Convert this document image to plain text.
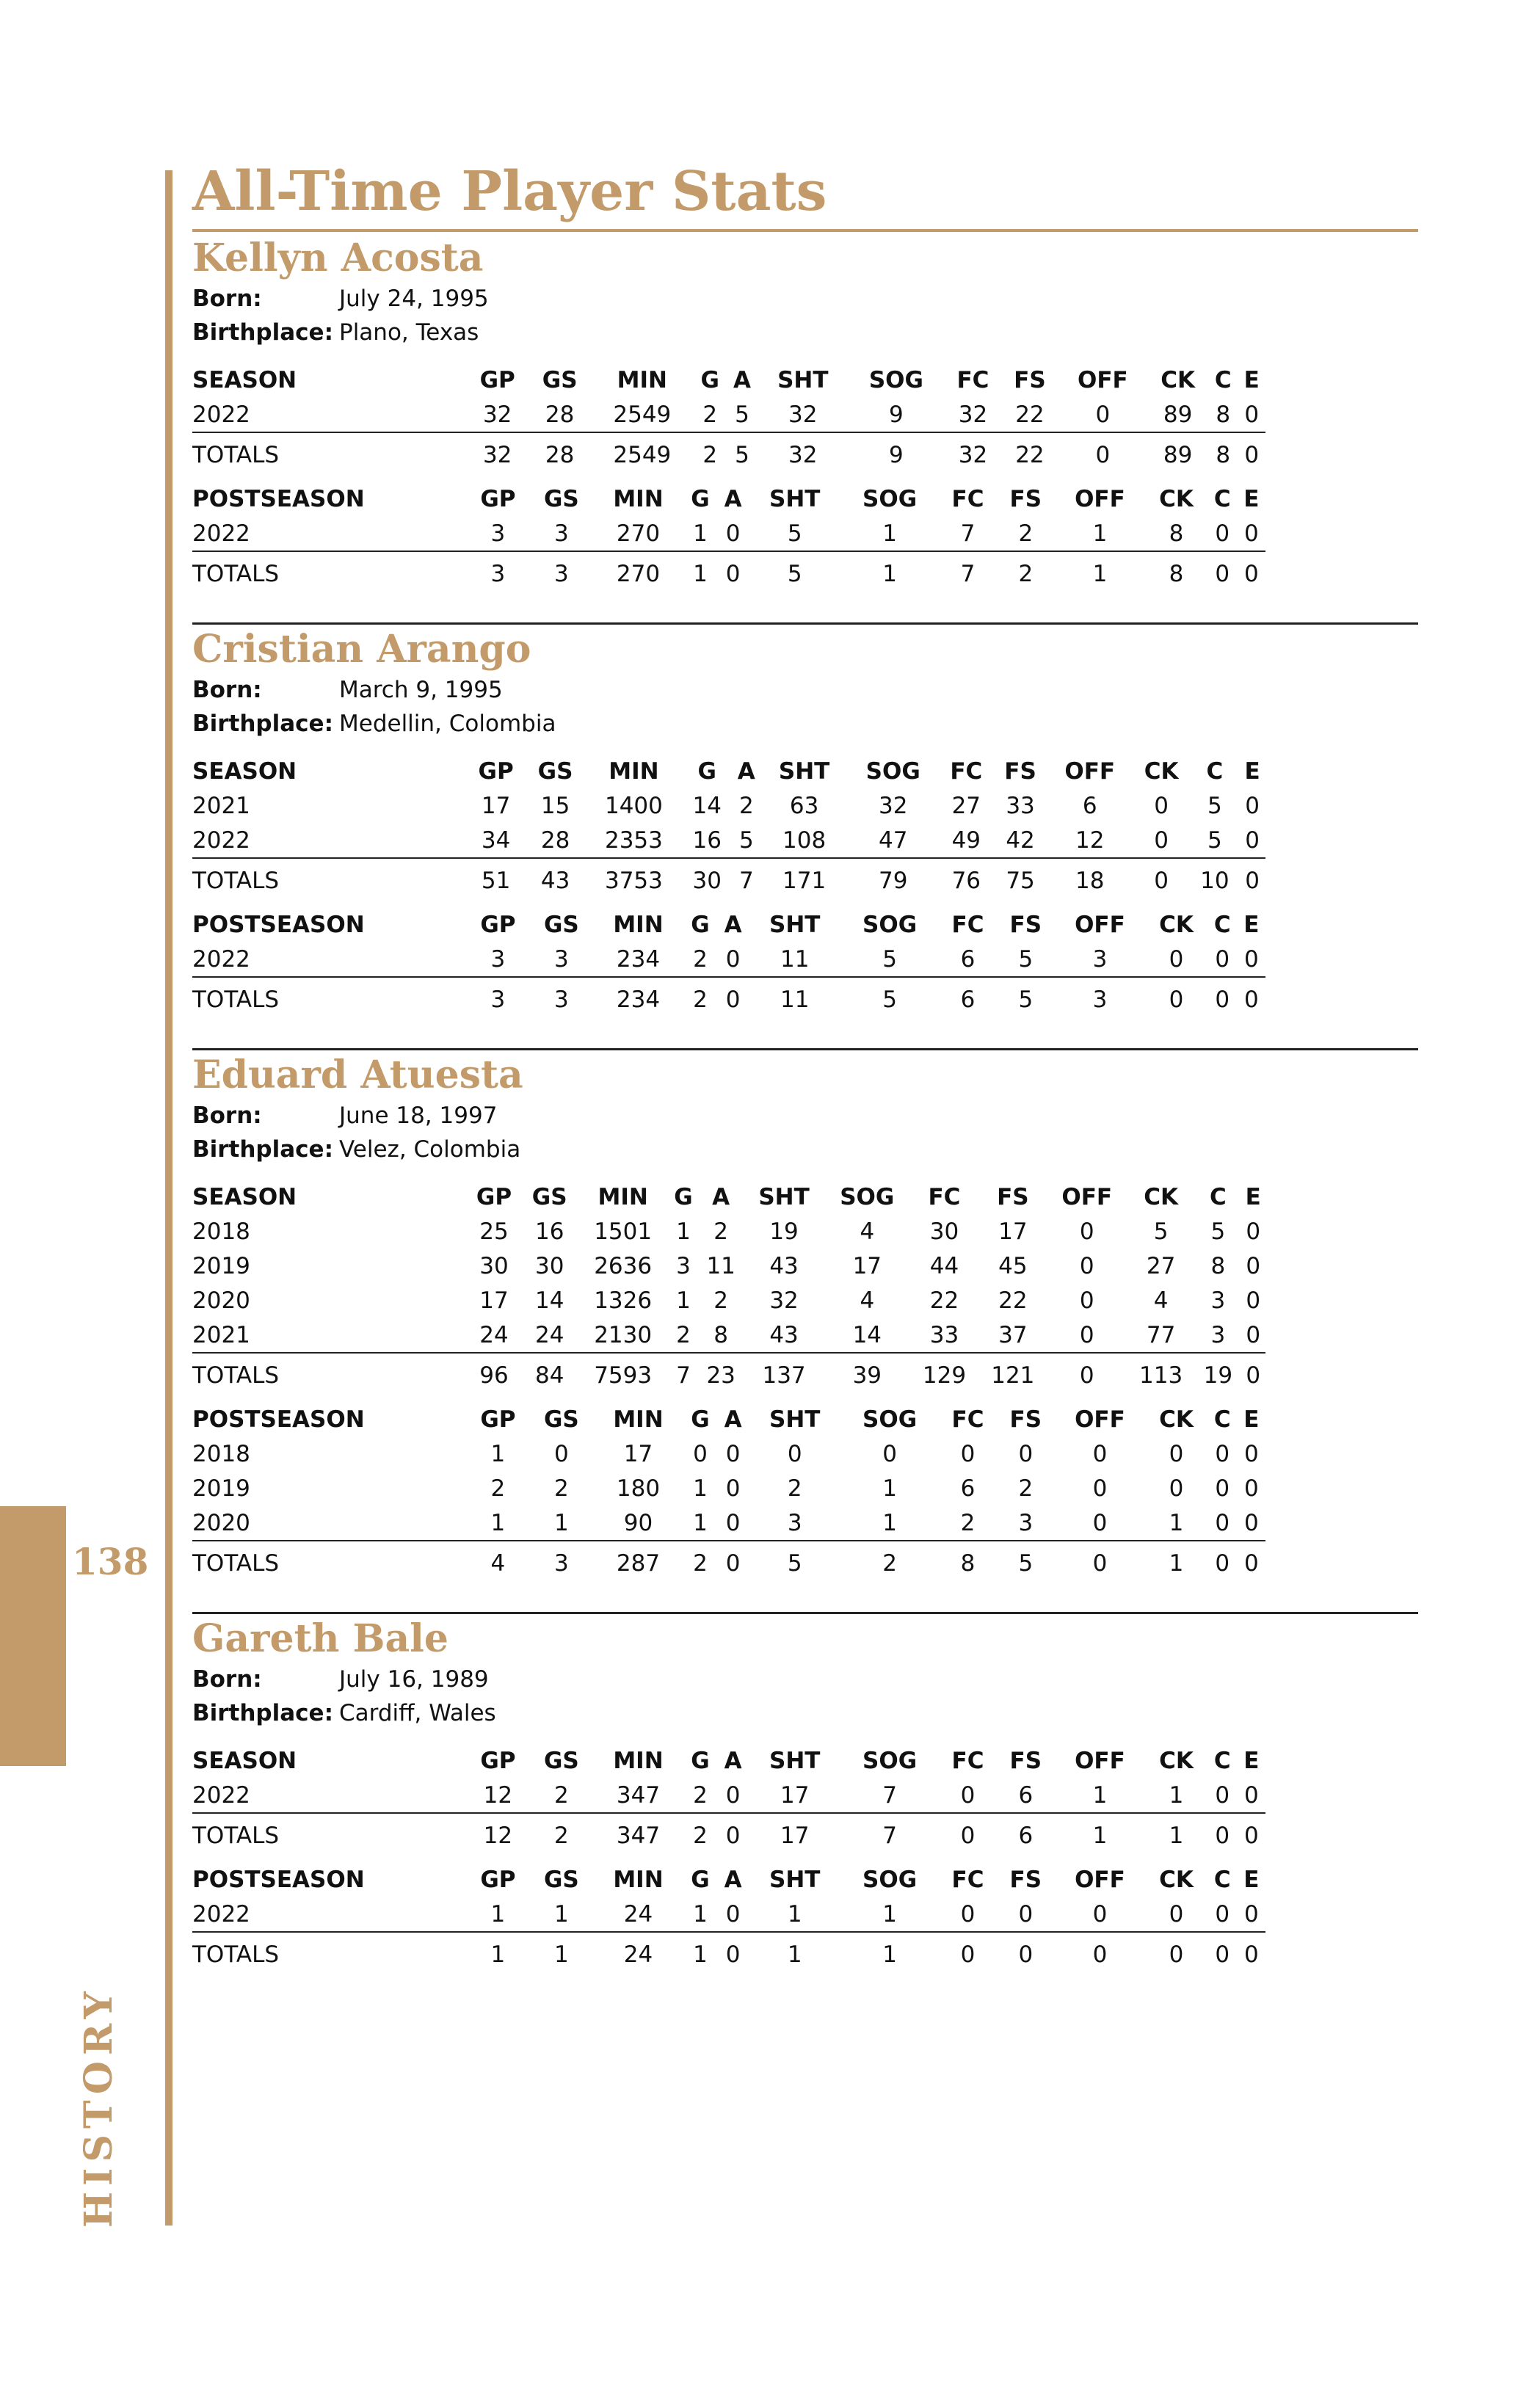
138
HISTORY
All-Time Player Stats
Kellyn Acosta
Born:	July 24, 1995
Birthplace: Plano, Texas
SEASON	GP	GS	MIN	G	A	SHT	SOG	FC	FS	OFF	CK	C	E
2022	32	28	2549	2	5	32	9	32	22	0	89	8	0
TOTALS	32	28	2549	2	5	32	9	32	22	0	89	8	0
POSTSEASON	GP	GS	MIN	G	A	SHT	SOG	FC	FS	OFF	CK	C	E
2022	3	3	270	1	0	5	1	7	2	1	8	0	0
TOTALS	3	3	270	1	0	5	1	7	2	1	8	0	0
Cristian Arango
Born:	March 9, 1995
Birthplace: Medellin, Colombia
SEASON	GP	GS	MIN	G	A	SHT	SOG	FC	FS	OFF	CK	C	E
2021	17	15	1400	14	2	63	32	27	33	6	0	5	0
2022	34	28	2353	16	5	108	47	49	42	12	0	5	0
TOTALS	51	43	3753	30	7	171	79	76	75	18	0	10	0
POSTSEASON	GP	GS	MIN	G	A	SHT	SOG	FC	FS	OFF	CK	C	E
2022	3	3	234	2	0	11	5	6	5	3	0	0	0
TOTALS	3	3	234	2	0	11	5	6	5	3	0	0	0
Eduard Atuesta
Born:	June 18, 1997
Birthplace: Velez, Colombia
SEASON	GP	GS	MIN	G	A	SHT	SOG	FC	FS	OFF	CK	C	E
2018	25	16	1501	1	2	19	4	30	17	0	5	5	0
2019	30	30	2636	3	11	43	17	44	45	0	27	8	0
2020	17	14	1326	1	2	32	4	22	22	0	4	3	0
2021	24	24	2130	2	8	43	14	33	37	0	77	3	0
TOTALS	96	84	7593	7	23	137	39	129	121	0	113	19	0
POSTSEASON	GP	GS	MIN	G	A	SHT	SOG	FC	FS	OFF	CK	C	E
2018	1	0	17	0	0	0	0	0	0	0	0	0	0
2019	2	2	180	1	0	2	1	6	2	0	0	0	0
2020	1	1	90	1	0	3	1	2	3	0	1	0	0
TOTALS	4	3	287	2	0	5	2	8	5	0	1	0	0
Gareth Bale
Born:	July 16, 1989
Birthplace: Cardiff, Wales
SEASON	GP	GS	MIN	G	A	SHT	SOG	FC	FS	OFF	CK	C	E
2022	12	2	347	2	0	17	7	0	6	1	1	0	0
TOTALS	12	2	347	2	0	17	7	0	6	1	1	0	0
POSTSEASON	GP	GS	MIN	G	A	SHT	SOG	FC	FS	OFF	CK	C	E
2022	1	1	24	1	0	1	1	0	0	0	0	0	0
TOTALS	1	1	24	1	0	1	1	0	0	0	0	0	0
